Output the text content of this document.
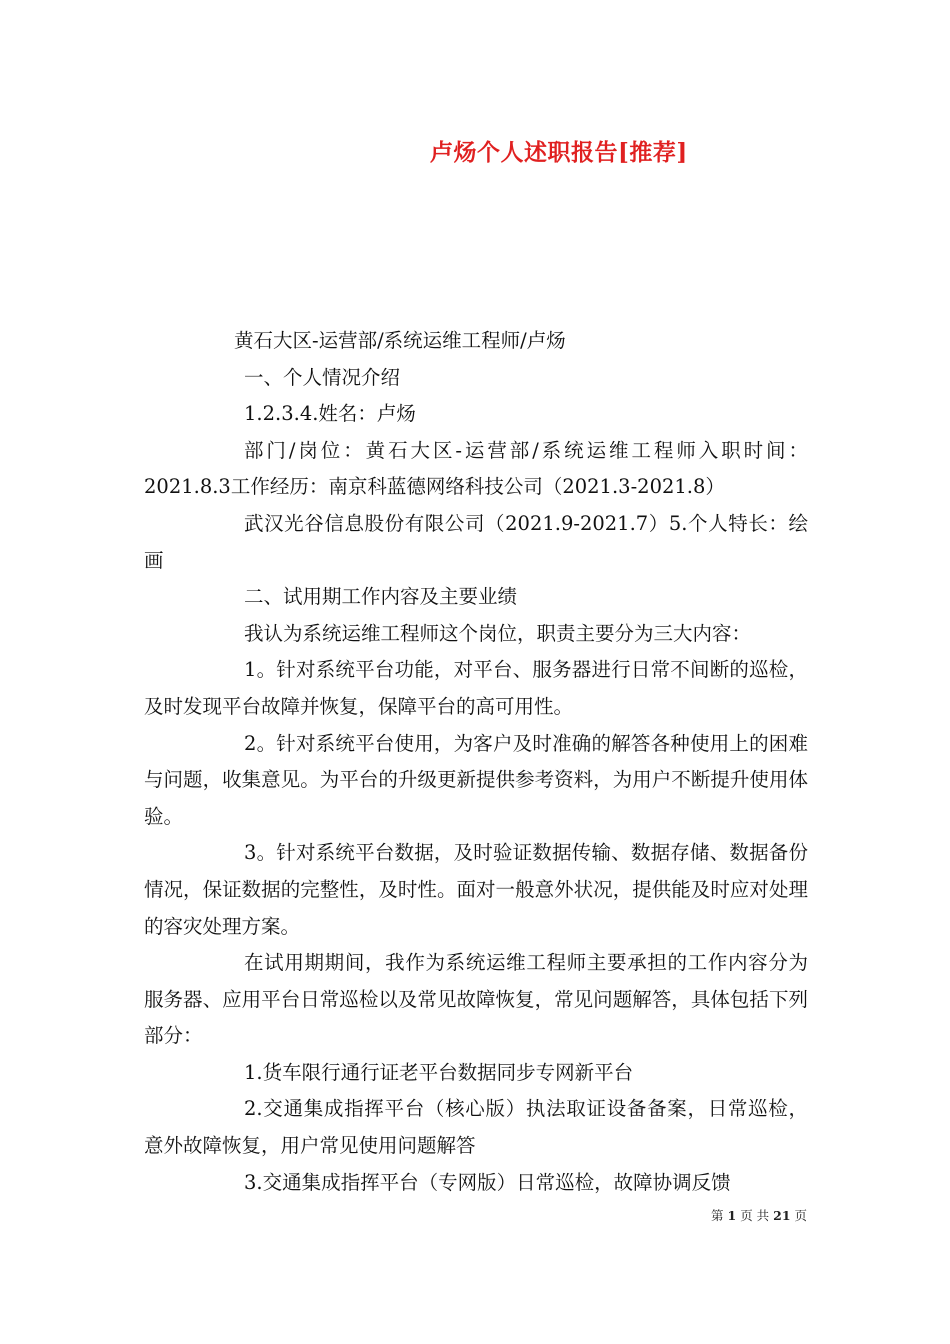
卢炀个人述职报告[推荐]

黄石大区-运营部/系统运维工程师/卢炀

一、个人情况介绍

1.2.3.4.姓名：卢炀

部门/岗位：黄石大区-运营部/系统运维工程师入职时间：2021.8.3工作经历：南京科蓝德网络科技公司（2021.3-2021.8）

武汉光谷信息股份有限公司（2021.9-2021.7）5.个人特长：绘画

二、试用期工作内容及主要业绩

我认为系统运维工程师这个岗位，职责主要分为三大内容：

1。针对系统平台功能，对平台、服务器进行日常不间断的巡检，及时发现平台故障并恢复，保障平台的高可用性。

2。针对系统平台使用，为客户及时准确的解答各种使用上的困难与问题，收集意见。为平台的升级更新提供参考资料，为用户不断提升使用体验。

3。针对系统平台数据，及时验证数据传输、数据存储、数据备份情况，保证数据的完整性，及时性。面对一般意外状况，提供能及时应对处理的容灾处理方案。

在试用期期间，我作为系统运维工程师主要承担的工作内容分为服务器、应用平台日常巡检以及常见故障恢复，常见问题解答，具体包括下列部分：

1.货车限行通行证老平台数据同步专网新平台

2.交通集成指挥平台（核心版）执法取证设备备案，日常巡检，意外故障恢复，用户常见使用问题解答

3.交通集成指挥平台（专网版）日常巡检，故障协调反馈

第 1 页 共 21 页
